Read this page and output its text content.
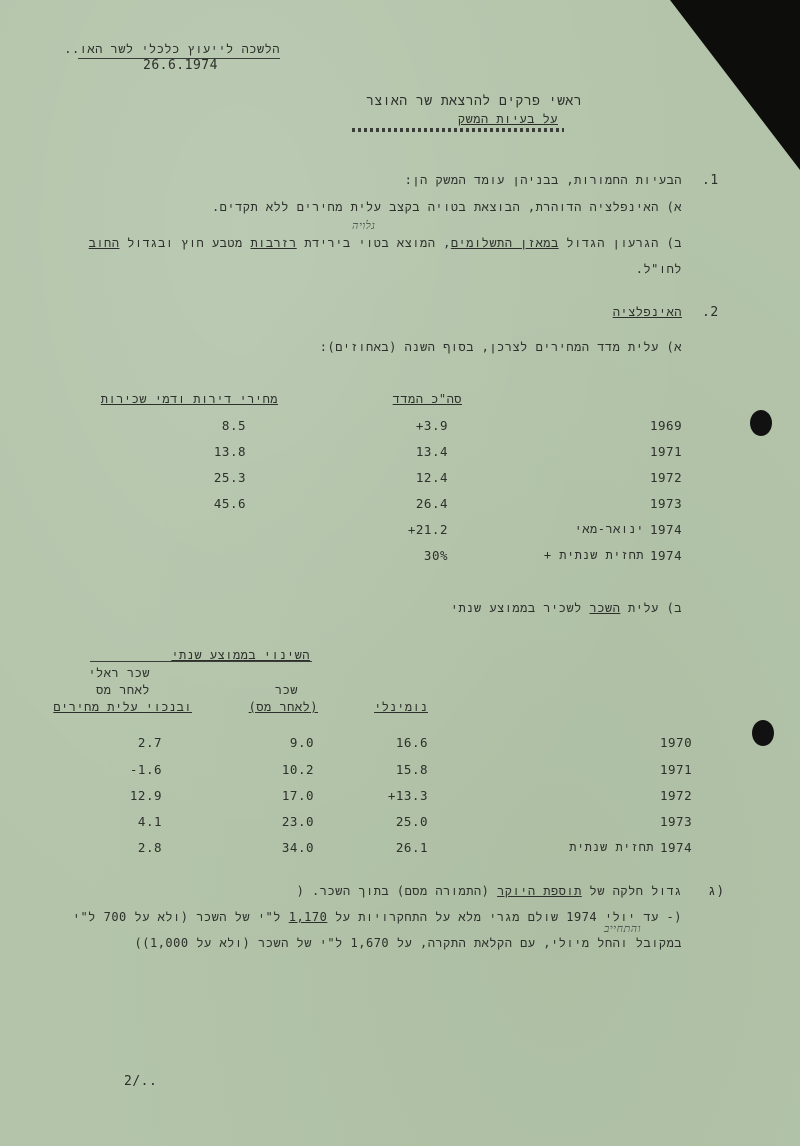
הלשכה לייעוץ כלכלי לשר האו..
26.6.1974
ראשי פרקים להרצאת שר האוצר
על בעיות המשק
.1
הבעיות החמורות, בבניהן עומד המשק הן:
א) האינפלציה הדוהרת, הבוצאת בטויה בקצב עלית מחירים ללא תקדים.
גלויה
ב) הגרעון הגדול במאזן התשלומים, המוצא בטוי בירידת רזרבות מטבע חוץ ובגדול החוב
לחו"ל.
.2
האינפלציה
א) עלית מדד המחירים לצרכן, בסוף השנה (באחוזים):
סה"כ המדד
מחירי דירות ודמי שכירות
1969
+3.9
8.5
1971
13.4
13.8
1972
12.4
25.3
1973
26.4
45.6
1974
ינואר-מאי
+21.2
1974
תחזית שנתית +
30%
ב) עלית השכר לשכיר בממוצע שנתי
השינוי בממוצע שנתי
שכר ראלי
לאחר מס
ובנכוי עלית מחירים
שכר
(לאחר מס)	נומינלי
1970
16.6
9.0
2.7
1971
15.8
10.2
-1.6
1972
+13.3
17.0
12.9
1973
25.0
23.0
4.1
1974
תחזית שנתית
26.1
34.0
2.8
ג)
גדול חלקה של תוספת היוקר (התמורה מסם) בתוך השכר. (
(- עד יולי 1974 שולם מגרי מלא על התחקרויות על 1,170 ל"י של השכר (ולא על 700 ל"י
והתחייב
במקובל והחל מיולי, עם הקלאת התקרה, על 1,670 ל"י של השכר (ולא על 1,000))
2/..
